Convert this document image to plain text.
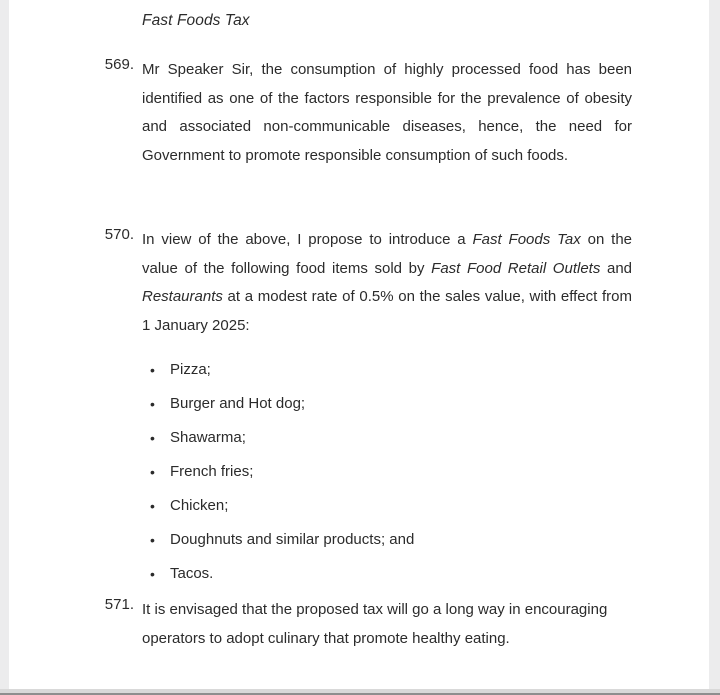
Fast Foods Tax
569. Mr Speaker Sir, the consumption of highly processed food has been identified as one of the factors responsible for the prevalence of obesity and associated non-communicable diseases, hence, the need for Government to promote responsible consumption of such foods.
570. In view of the above, I propose to introduce a Fast Foods Tax on the value of the following food items sold by Fast Food Retail Outlets and Restaurants at a modest rate of 0.5% on the sales value, with effect from 1 January 2025:
• Pizza;
• Burger and Hot dog;
• Shawarma;
• French fries;
• Chicken;
• Doughnuts and similar products; and
• Tacos.
571. It is envisaged that the proposed tax will go a long way in encouraging operators to adopt culinary that promote healthy eating.
